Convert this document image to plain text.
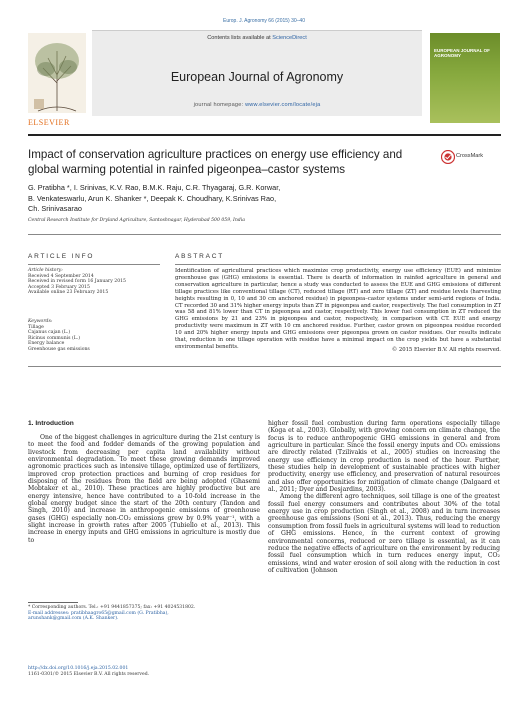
Europ. J. Agronomy 66 (2015) 30–40
ELSEVIER
Contents lists available at ScienceDirect
European Journal of Agronomy
journal homepage: www.elsevier.com/locate/eja
EUROPEAN JOURNAL OF AGRONOMY
Impact of conservation agriculture practices on energy use efficiency and global warming potential in rainfed pigeonpea–castor systems
CrossMark
G. Pratibha *, I. Srinivas, K.V. Rao, B.M.K. Raju, C.R. Thyagaraj, G.R. Korwar,
B. Venkateswarlu, Arun K. Shanker *, Deepak K. Choudhary, K.Srinivas Rao,
Ch. Srinivasarao
Central Research Institute for Dryland Agriculture, Santoshnagar, Hyderabad 500 059, India
ARTICLE INFO
Article history:
Received 4 September 2014
Received in revised form 16 January 2015
Accepted 3 February 2015
Available online 23 February 2015
Keywords:
Tillage
Cajanus cajan (L.)
Ricinus communis (L.)
Energy balance
Greenhouse gas emissions
ABSTRACT
Identification of agricultural practices which maximize crop productivity, energy use efficiency (EUE) and minimize greenhouse gas (GHG) emissions is essential. There is dearth of information in rainfed agriculture in general and conservation agriculture in particular, hence a study was conducted to assess the EUE and GHG emissions of different tillage practices like conventional tillage (CT), reduced tillage (RT) and zero tillage (ZT) and residue levels (harvesting heights resulting in 0, 10 and 30 cm anchored residue) in pigeonpea–castor systems under semi-arid regions of India. CT recorded 30 and 31% higher energy inputs than ZT in pigeonpea and castor, respectively. The fuel consumption in ZT was 58 and 81% lower than CT in pigeonpea and castor, respectively. This lower fuel consumption in ZT reduced the GHG emissions by 21 and 23% in pigeonpea and castor, respectively, in comparison with CT. EUE and energy productivity were maximum in ZT with 10 cm anchored residue. Further, castor grown on pigeonpea residue recorded 10 and 20% higher energy inputs and GHG emissions over pigeonpea grown on castor residues. Our results indicate that, reduction in one tillage operation with residue have a minimal impact on the crop yields but have a substantial environmental benefits.
© 2015 Elsevier B.V. All rights reserved.
1. Introduction
One of the biggest challenges in agriculture during the 21st century is to meet the food and fodder demands of the growing population and livestock from decreasing per capita land availability without environmental degradation. To meet these growing demands improved agronomic practices such as intensive tillage, optimized use of fertilizers, improved crop protection practices and burning of crop residues for disposing of the residues from the field are being adopted (Ghasemi Mobtaker et al., 2010). These practices are highly productive but are energy intensive, hence have contributed to a 10-fold increase in the global energy budget since the start of the 20th century (Tandon and Singh, 2010) and increase in anthropogenic emissions of greenhouse gases (GHG) especially non-CO₂ emissions grew by 0.9% year⁻¹, with a slight increase in growth rates after 2005 (Tubiello et al., 2013). This increase in energy inputs and GHG emissions in agriculture is mostly due to
higher fossil fuel combustion during farm operations especially tillage (Koga et al., 2003). Globally, with growing concern on climate change, the focus is to reduce anthropogenic GHG emissions in general and from agriculture in particular. Since the fossil energy inputs and CO₂ emissions are directly related (Tzilivakis et al., 2005) studies on increasing the energy use efficiency in crop production is need of the hour. Further, these studies help in development of sustainable practices with higher productivity, energy use efficiency, and preservation of natural resources and also offer opportunities for mitigation of climate change (Dalgaard et al., 2011; Dyer and Desjardins, 2003).
Among the different agro techniques, soil tillage is one of the greatest fossil fuel energy consumers and contributes about 30% of the total energy use in crop production (Singh et al., 2008) and in turn increases greenhouse gas emissions (Soni et al., 2013). Thus, reducing the energy consumption from fossil fuels in agricultural systems will lead to reduction of GHG emissions. Hence, in the current context of growing environmental concerns, reduced or zero tillage is essential, as it can reduce the negative effects of agriculture on the environment by reducing fossil fuel consumption which in turn reduces energy input, CO₂ emissions, wind and water erosion of soil along with the reduction in cost of cultivation (Johnson
* Corresponding authors. Tel.: +91 9441857375; fax: +91 4024531802.
E-mail addresses: pratibhaagro65@gmail.com (G. Pratibha),
arunshank@gmail.com (A.K. Shanker).
http://dx.doi.org/10.1016/j.eja.2015.02.001
1161-0301/© 2015 Elsevier B.V. All rights reserved.
